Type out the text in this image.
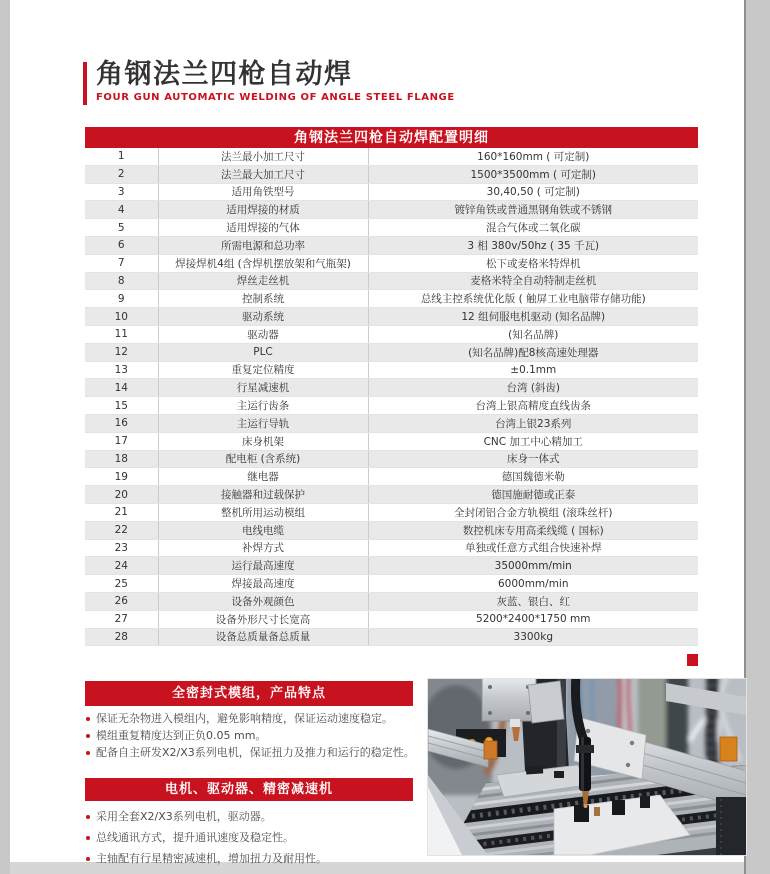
角钢法兰四枪自动焊
FOUR GUN AUTOMATIC WELDING OF ANGLE STEEL FLANGE
角钢法兰四枪自动焊配置明细
1	法兰最小加工尺寸	160*160mm ( 可定制)
2	法兰最大加工尺寸	1500*3500mm ( 可定制)
3	适用角铁型号	30,40,50 ( 可定制)
4	适用焊接的材质	镀锌角铁或普通黑钢角铁或不锈钢
5	适用焊接的气体	混合气体或二氧化碳
6	所需电源和总功率	3 相 380v/50hz ( 35 千瓦)
7	焊接焊机4组 (含焊机摆放架和气瓶架)	松下或麦格米特焊机
8	焊丝走丝机	麦格米特全自动特制走丝机
9	控制系统	总线主控系统优化版 ( 触屏工业电脑带存储功能)
10	驱动系统	12 组伺服电机驱动 (知名品牌)
11	驱动器	(知名品牌)
12	PLC	(知名品牌)配8核高速处理器
13	重复定位精度	±0.1mm
14	行星减速机	台湾 (斜齿)
15	主运行齿条	台湾上银高精度直线齿条
16	主运行导轨	台湾上银23系列
17	床身机架	CNC 加工中心精加工
18	配电柜 (含系统)	床身一体式
19	继电器	德国魏德米勒
20	接触器和过载保护	德国施耐德或正泰
21	整机所用运动模组	全封闭铝合金方轨模组 (滚珠丝杆)
22	电线电缆	数控机床专用高柔线缆 ( 国标)
23	补焊方式	单独或任意方式组合快速补焊
24	运行最高速度	35000mm/min
25	焊接最高速度	6000mm/min
26	设备外观颜色	灰蓝、银白、红
27	设备外形尺寸长宽高	5200*2400*1750 mm
28	设备总质量备总质量	3300kg
全密封式模组，产品特点
保证无杂物进入模组内，避免影响精度，保证运动速度稳定。
模组重复精度达到正负0.05 mm。
配备自主研发X2/X3系列电机，保证扭力及推力和运行的稳定性。
电机、驱动器、精密减速机
采用全套X2/X3系列电机，驱动器。
总线通讯方式，提升通讯速度及稳定性。
主轴配有行星精密减速机，增加扭力及耐用性。
